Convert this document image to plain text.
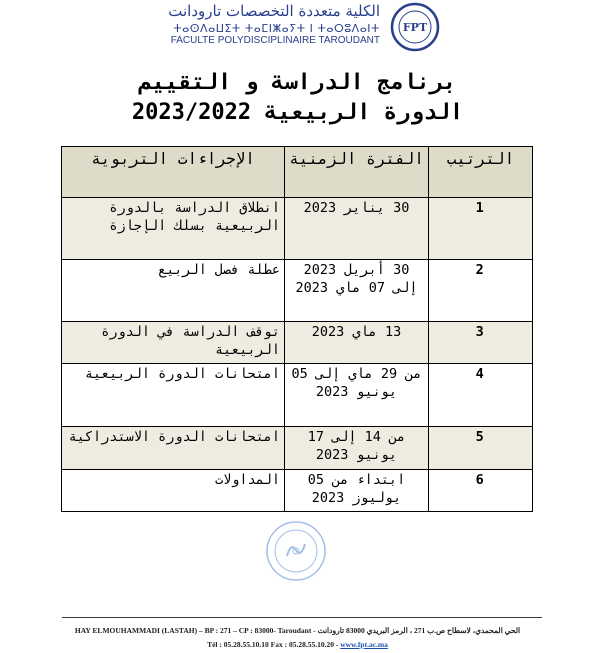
الكلية متعددة التخصصات تارودانت
ⵜⴰⵙⴷⴰⵡⵉⵜ ⵜⴰⵎⵏⵥⴰⵢⵜ ⵏ ⵜⴰⵔⵓⴷⴰⵏⵜ
FACULTE POLYDISCIPLINAIRE TAROUDANT
FPT
برنامج الدراسة و التقييم
الدورة الربيعية 2023/2022
الترتيب	الفترة الزمنية	الإجراءات التربوية
1	30 يناير 2023	انطلاق الدراسة بالدورة الربيعية بسلك الإجازة
2	30 أبريل 2023 إلى 07 ماي 2023	عطلة فصل الربيع
3	13 ماي 2023	توقف الدراسة في الدورة الربيعية
4	من 29 ماي إلى 05 يونيو 2023	امتحانات الدورة الربيعية
5	من 14 إلى 17 يونيو 2023	امتحانات الدورة الاستدراكية
6	ابتداء من 05 يوليوز 2023	المداولات
HAY ELMOUHAMMADI (LASTAH) – BP : 271 – CP : 83000- Taroudant - الحي المحمدي، لاسطاح ص.ب 271 ، الرمز البريدي 83000 تارودانت
Tél : 05.28.55.10.10 Fax : 05.28.55.10.20 - www.fpt.ac.ma
